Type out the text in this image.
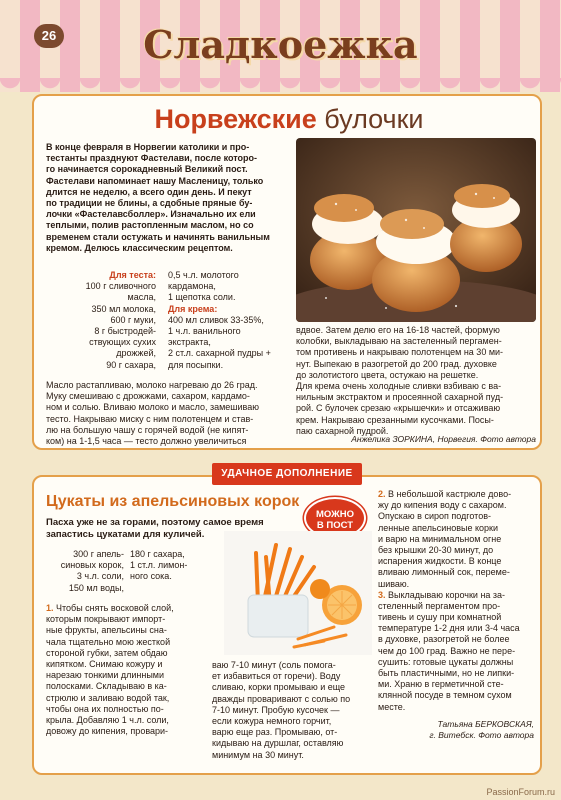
26	Сладкоежка
Норвежские булочки
В конце февраля в Норвегии католики и про-
тестанты празднуют Фастелави, после которо-
го начинается сорокадневный Великий пост.
Фастелави напоминает нашу Масленицу, только
длится не неделю, а всего один день. И пекут
по традиции не блины, а сдобные пряные бу-
лочки «Фастелавсболлер». Изначально их ели
теплыми, полив растопленным маслом, но со
временем стали остужать и начинять ванильным
кремом. Делюсь классическим рецептом.
Для теста:
100 г сливочного
масла,
350 мл молока,
600 г муки,
8 г быстродей-
ствующих сухих
дрожжей,
90 г сахара,
0,5 ч.л. молотого
кардамона,
1 щепотка соли.
Для крема:
400 мл сливок 33-35%,
1 ч.л. ванильного
экстракта,
2 ст.л. сахарной пудры +
для посыпки.
вдвое. Затем делю его на 16-18 частей, формую
колобки, выкладываю на застеленный пергамен-
том противень и накрываю полотенцем на 30 ми-
нут. Выпекаю в разогретой до 200 град. духовке
до золотистого цвета, остужаю на решетке.
Для крема очень холодные сливки взбиваю с ва-
нильным экстрактом и просеянной сахарной пуд-
рой. С булочек срезаю «крышечки» и отсаживаю
крем. Накрываю срезанными кусочками. Посы-
паю сахарной пудрой.
Масло растапливаю, молоко нагреваю до 26 град.
Муку смешиваю с дрожжами, сахаром, кардамо-
ном и солью. Вливаю молоко и масло, замешиваю
тесто. Накрываю миску с ним полотенцем и став-
лю на большую чашу с горячей водой (не кипят-
ком) на 1-1,5 часа — тесто должно увеличиться	Анжелика ЗОРКИНА, Норвегия. Фото автора
Цукаты из апельсиновых корок
МОЖНО
В ПОСТ
Пасха уже не за горами, поэтому самое время
запастись цукатами для куличей.
300 г апель-
синовых корок,
3 ч.л. соли,
150 мл воды,
180 г сахара,
1 ст.л. лимон-
ного сока.
1. Чтобы снять восковой слой,
которым покрывают импорт-
ные фрукты, апельсины сна-
чала тщательно мою жесткой
стороной губки, затем обдаю
кипятком. Снимаю кожуру и
нарезаю тонкими длинными
полосками. Складываю в ка-
стрюлю и заливаю водой так,
чтобы она их полностью по-
крыла. Добавляю 1 ч.л. соли,
довожу до кипения, провари-
ваю 7-10 минут (соль помога-
ет избавиться от горечи). Воду
сливаю, корки промываю и еще
дважды проваривают с солью по
7-10 минут. Пробую кусочек —
если кожура немного горчит,
варю еще раз. Промываю, от-
кидываю на дуршлаг, оставляю
минимум на 30 минут.
2. В небольшой кастрюле дово-
жу до кипения воду с сахаром.
Опускаю в сироп подготов-
ленные апельсиновые корки
и варю на минимальном огне
без крышки 20-30 минут, до
испарения жидкости. В конце
вливаю лимонный сок, переме-
шиваю.
3. Выкладываю корочки на за-
стеленный пергаментом про-
тивень и сушу при комнатной
температуре 1-2 дня или 3-4 часа
в духовке, разогретой не более
чем до 100 град. Важно не пере-
сушить: готовые цукаты должны
быть пластичными, но не липки-
ми. Храню в герметичной сте-
клянной посуде в темном сухом
месте.
Татьяна БЕРКОВСКАЯ,
г. Витебск. Фото автора
УДАЧНОЕ ДОПОЛНЕНИЕ
PassionForum.ru
